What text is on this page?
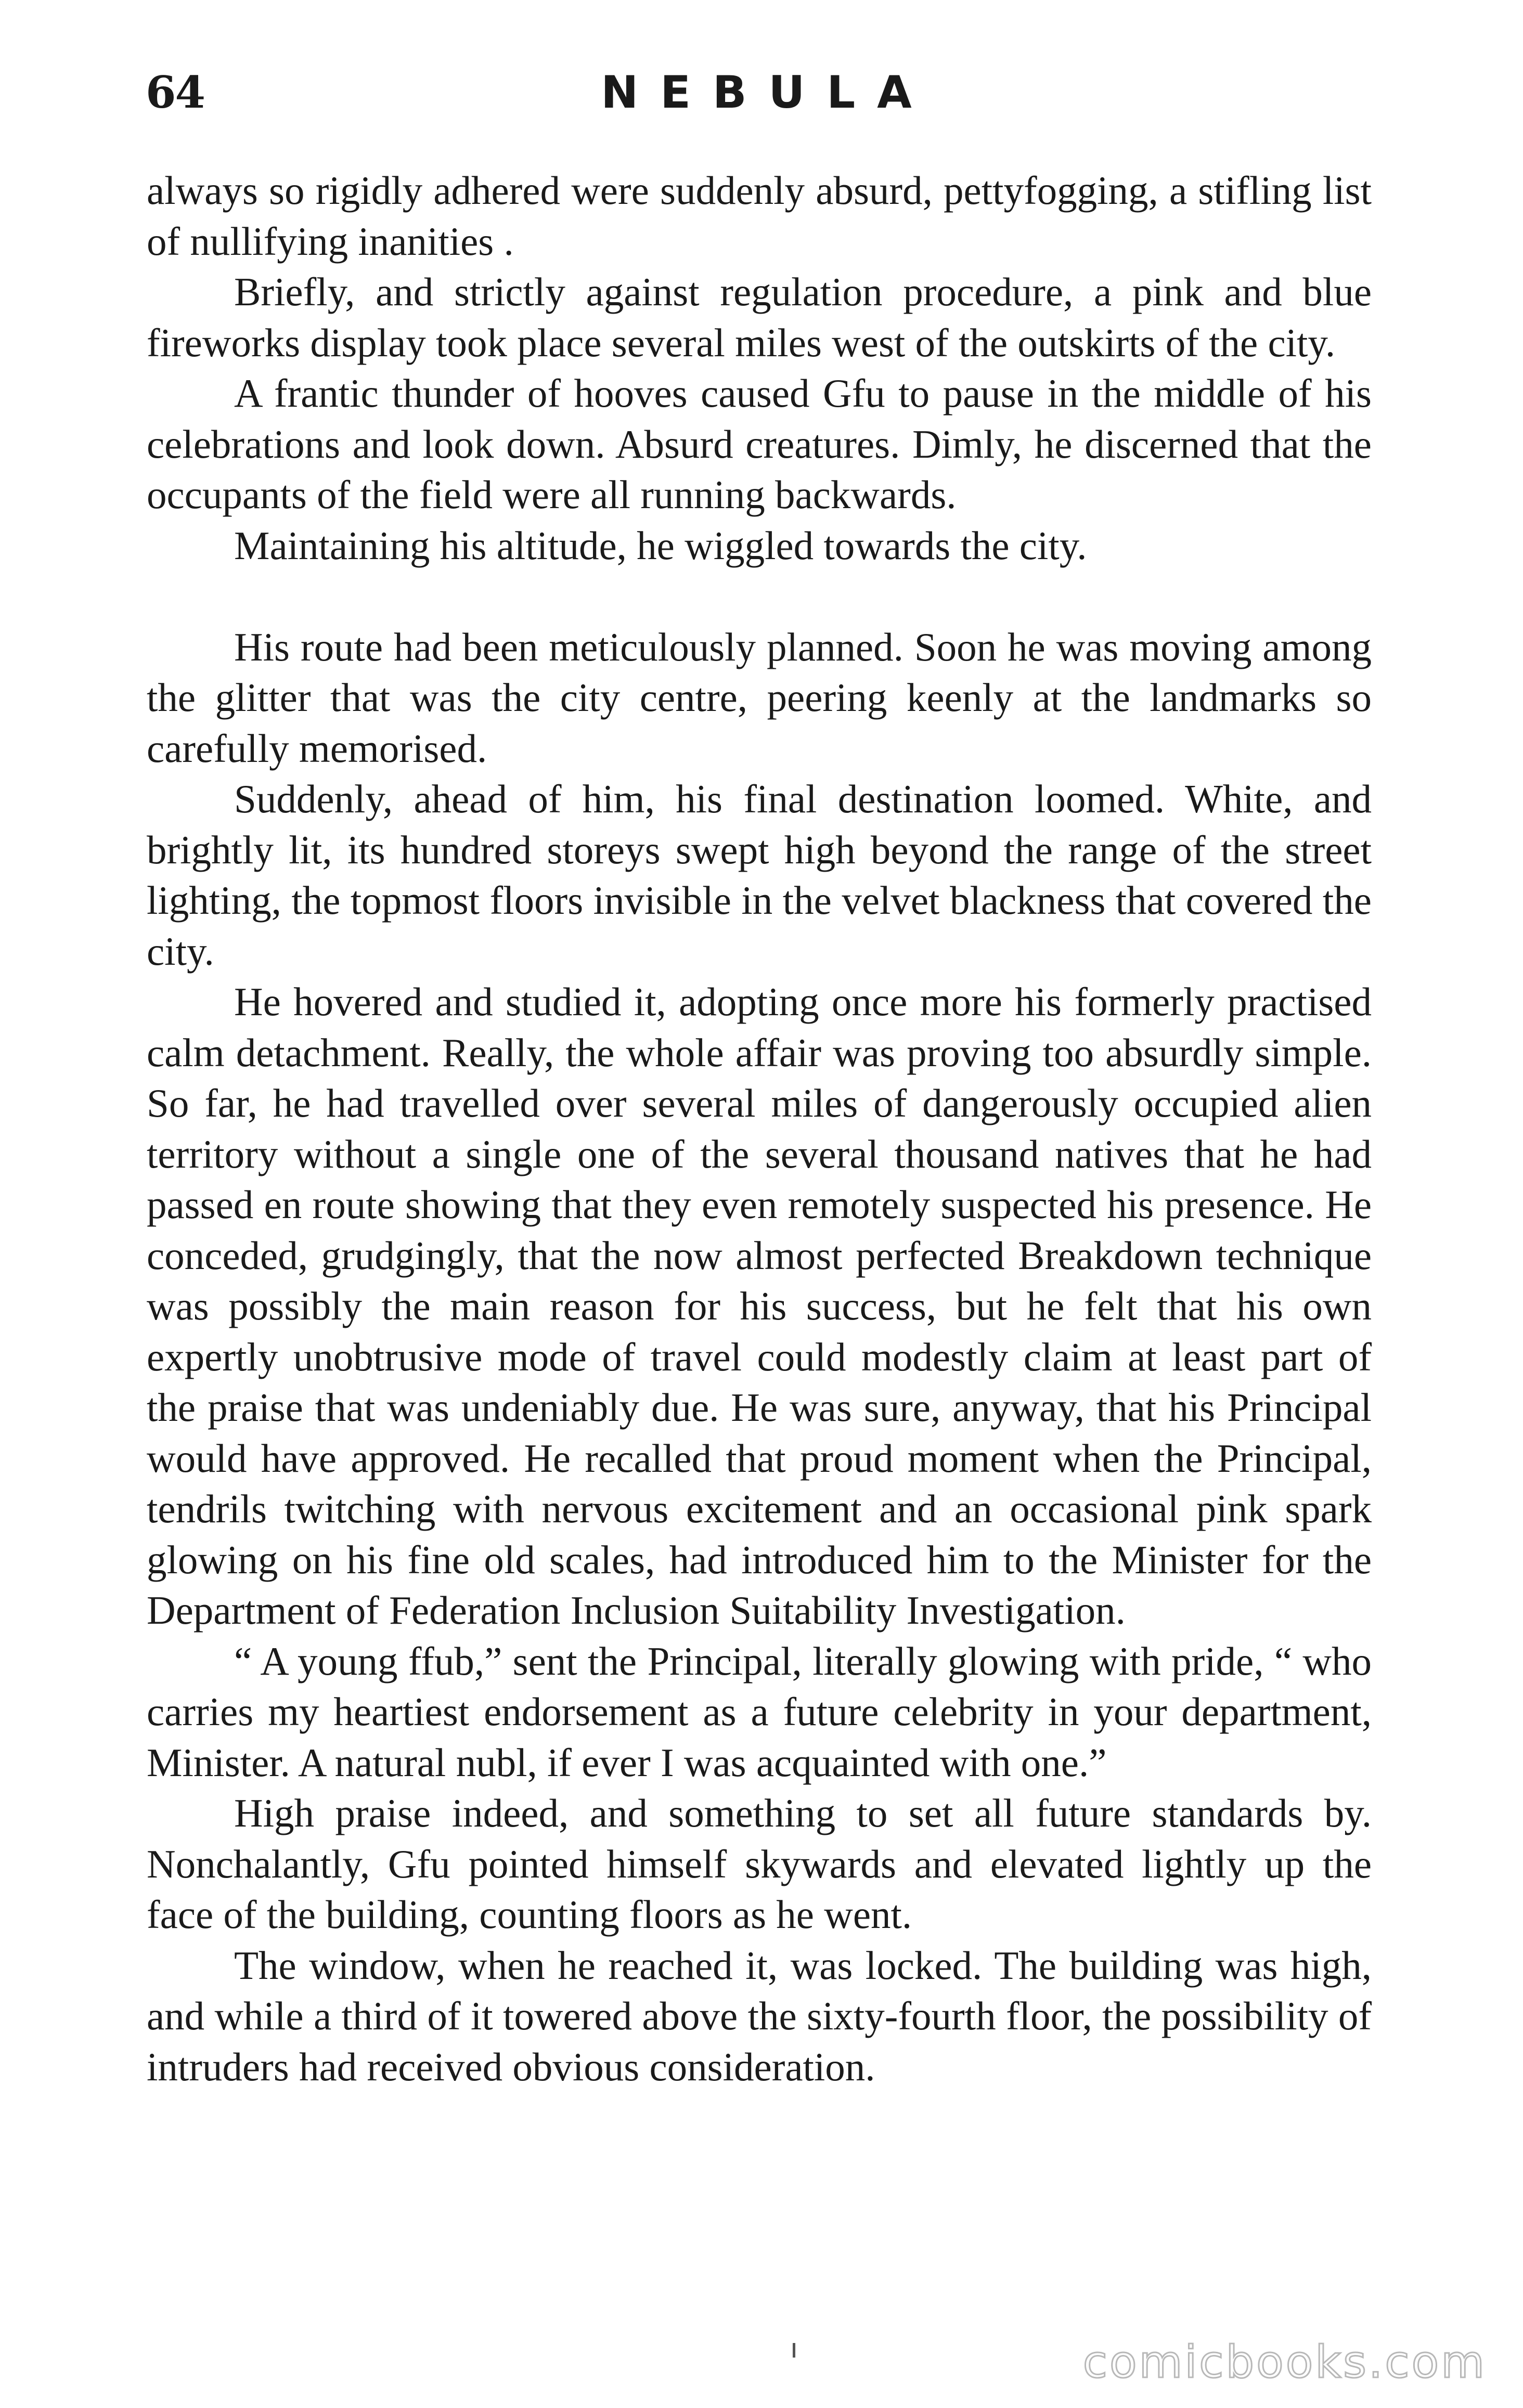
64	NEBULA

always so rigidly adhered were suddenly absurd, pettyfogging, a stifling list of nullifying inanities .

Briefly, and strictly against regulation procedure, a pink and blue fireworks display took place several miles west of the outskirts of the city.

A frantic thunder of hooves caused Gfu to pause in the middle of his celebrations and look down. Absurd creatures. Dimly, he discerned that the occupants of the field were all running backwards.

Maintaining his altitude, he wiggled towards the city.

His route had been meticulously planned. Soon he was moving among the glitter that was the city centre, peering keenly at the landmarks so carefully memorised.

Suddenly, ahead of him, his final destination loomed. White, and brightly lit, its hundred storeys swept high beyond the range of the street lighting, the topmost floors invisible in the velvet blackness that covered the city.

He hovered and studied it, adopting once more his formerly practised calm detachment. Really, the whole affair was proving too absurdly simple. So far, he had travelled over several miles of dangerously occupied alien territory without a single one of the several thousand natives that he had passed en route showing that they even remotely suspected his presence. He conceded, grudgingly, that the now almost perfected Breakdown technique was possibly the main reason for his success, but he felt that his own expertly unobtrusive mode of travel could modestly claim at least part of the praise that was undeniably due. He was sure, anyway, that his Principal would have approved. He recalled that proud moment when the Principal, tendrils twitching with nervous excitement and an occasional pink spark glowing on his fine old scales, had introduced him to the Minister for the Department of Federation Inclusion Suitability Investigation.

“ A young ffub,” sent the Principal, literally glowing with pride, “ who carries my heartiest endorsement as a future celebrity in your department, Minister. A natural nubl, if ever I was acquainted with one.”

High praise indeed, and something to set all future standards by. Nonchalantly, Gfu pointed himself skywards and elevated lightly up the face of the building, counting floors as he went.

The window, when he reached it, was locked. The building was high, and while a third of it towered above the sixty-fourth floor, the possibility of intruders had received obvious consideration.

comicbooks.com
